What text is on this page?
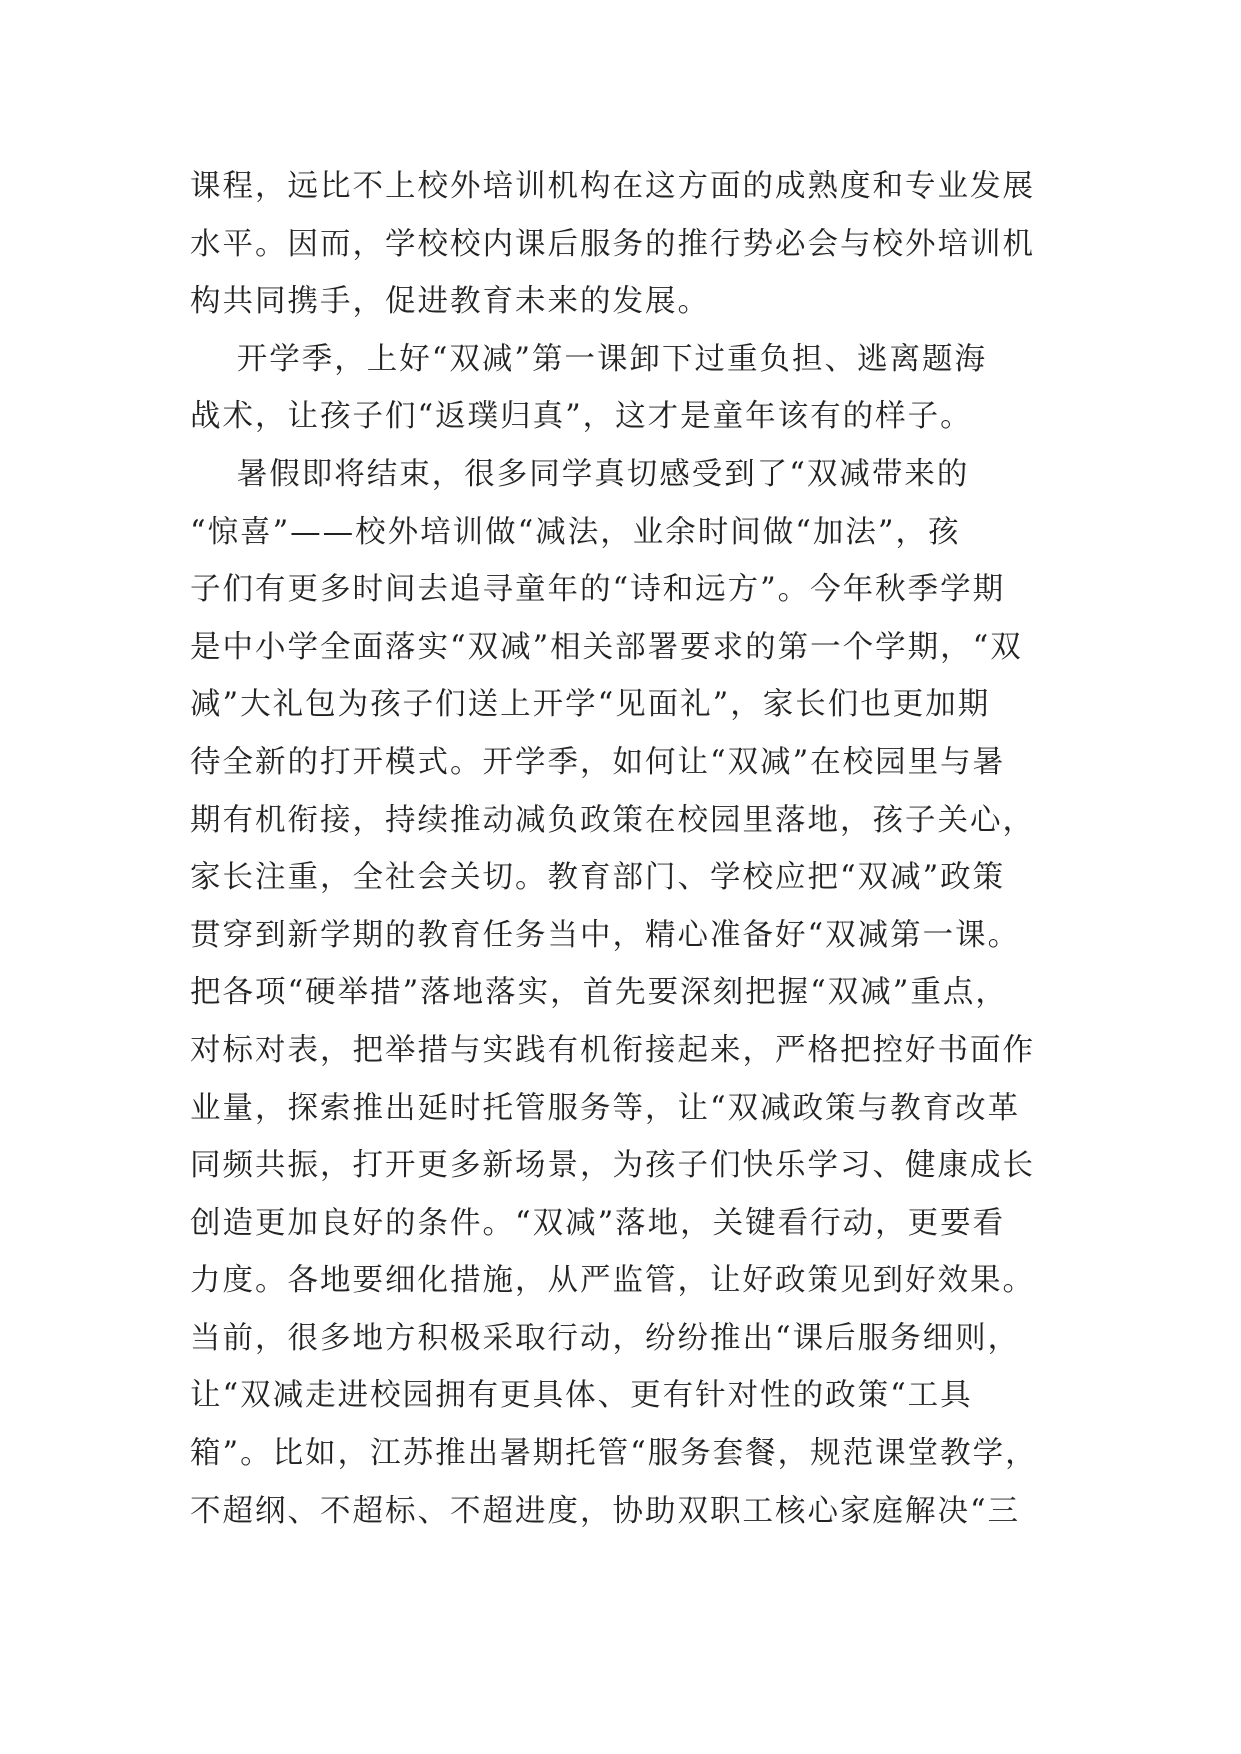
课程，远比不上校外培训机构在这方面的成熟度和专业发展
水平。因而，学校校内课后服务的推行势必会与校外培训机
构共同携手，促进教育未来的发展。
开学季，上好“双减”第一课卸下过重负担、逃离题海
战术，让孩子们“返璞归真”，这才是童年该有的样子。
暑假即将结束，很多同学真切感受到了“双减带来的
“惊喜”——校外培训做“减法，业余时间做“加法”，孩
子们有更多时间去追寻童年的“诗和远方”。今年秋季学期
是中小学全面落实“双减”相关部署要求的第一个学期，“双
减”大礼包为孩子们送上开学“见面礼”，家长们也更加期
待全新的打开模式。开学季，如何让“双减”在校园里与暑
期有机衔接，持续推动减负政策在校园里落地，孩子关心，
家长注重，全社会关切。教育部门、学校应把“双减”政策
贯穿到新学期的教育任务当中，精心准备好“双减第一课。
把各项“硬举措”落地落实，首先要深刻把握“双减”重点，
对标对表，把举措与实践有机衔接起来，严格把控好书面作
业量，探索推出延时托管服务等，让“双减政策与教育改革
同频共振，打开更多新场景，为孩子们快乐学习、健康成长
创造更加良好的条件。“双减”落地，关键看行动，更要看
力度。各地要细化措施，从严监管，让好政策见到好效果。
当前，很多地方积极采取行动，纷纷推出“课后服务细则，
让“双减走进校园拥有更具体、更有针对性的政策“工具
箱”。比如，江苏推出暑期托管“服务套餐，规范课堂教学，
不超纲、不超标、不超进度，协助双职工核心家庭解决“三
